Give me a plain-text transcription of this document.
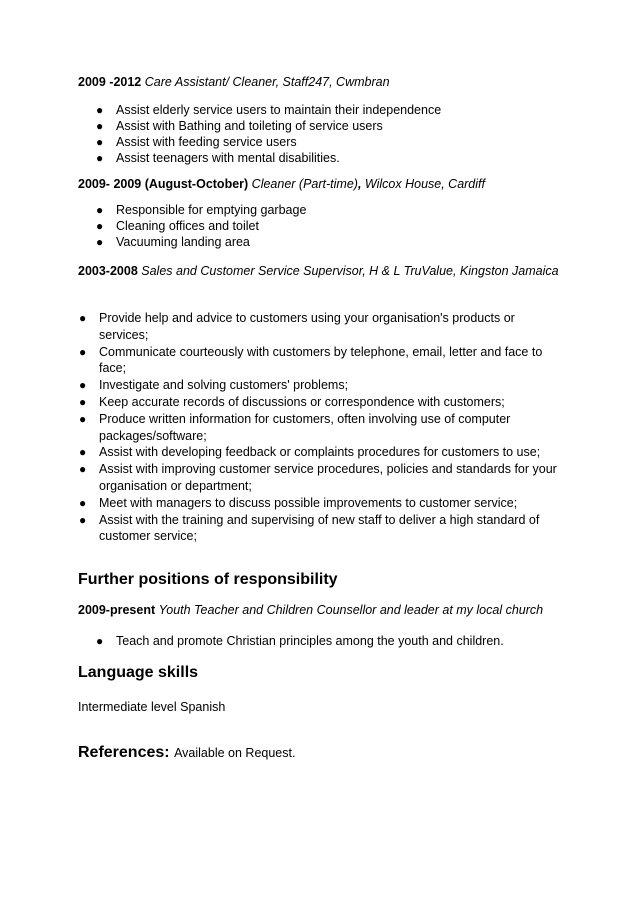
2009 -2012 Care Assistant/ Cleaner, Staff247, Cwmbran
● Assist elderly service users to maintain their independence
● Assist with Bathing and toileting of service users
● Assist with feeding service users
● Assist teenagers with mental disabilities.
2009- 2009 (August-October) Cleaner (Part-time), Wilcox House, Cardiff
● Responsible for emptying garbage
● Cleaning offices and toilet
● Vacuuming landing area
2003-2008 Sales and Customer Service Supervisor, H & L TruValue, Kingston Jamaica
● Provide help and advice to customers using your organisation's products or services;
● Communicate courteously with customers by telephone, email, letter and face to face;
● Investigate and solving customers' problems;
● Keep accurate records of discussions or correspondence with customers;
● Produce written information for customers, often involving use of computer packages/software;
● Assist with developing feedback or complaints procedures for customers to use;
● Assist with improving customer service procedures, policies and standards for your organisation or department;
● Meet with managers to discuss possible improvements to customer service;
● Assist with the training and supervising of new staff to deliver a high standard of customer service;
Further positions of responsibility
2009-present Youth Teacher and Children Counsellor and leader at my local church
● Teach and promote Christian principles among the youth and children.
Language skills
Intermediate level Spanish
References: Available on Request.
